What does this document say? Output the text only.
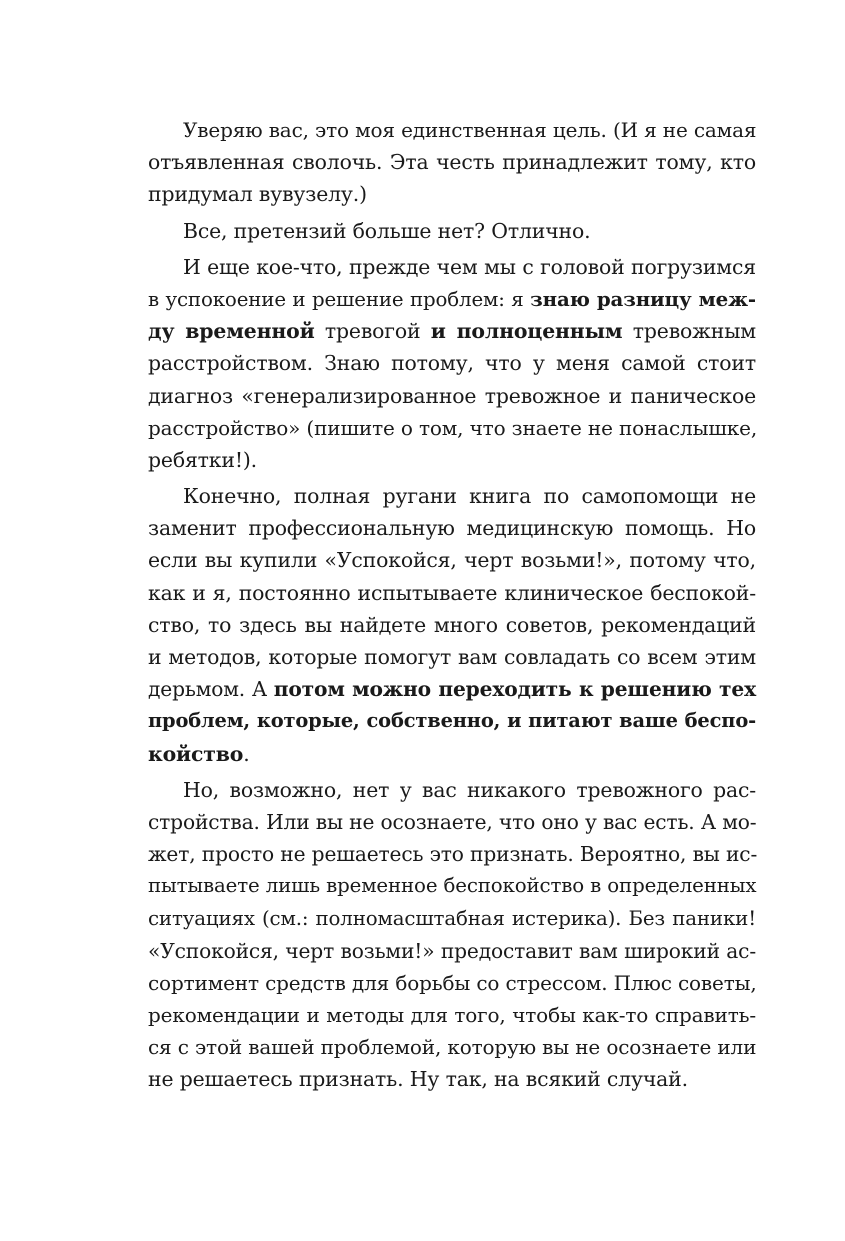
Уверяю вас, это моя единственная цель. (И я не самая
отъявленная сволочь. Эта честь принадлежит тому, кто
придумал вувузелу.)
Все, претензий больше нет? Отлично.
И еще кое-что, прежде чем мы с головой погрузимся
в успокоение и решение проблем: я знаю разницу меж-
ду временной тревогой и полноценным тревожным
расстройством. Знаю потому, что у меня самой стоит
диагноз «генерализированное тревожное и паническое
расстройство» (пишите о том, что знаете не понаслышке,
ребятки!).
Конечно, полная ругани книга по самопомощи не
заменит профессиональную медицинскую помощь. Но
если вы купили «Успокойся, черт возьми!», потому что,
как и я, постоянно испытываете клиническое беспокой-
ство, то здесь вы найдете много советов, рекомендаций
и методов, которые помогут вам совладать со всем этим
дерьмом. А потом можно переходить к решению тех
проблем, которые, собственно, и питают ваше беспо-
койство.
Но, возможно, нет у вас никакого тревожного рас-
стройства. Или вы не осознаете, что оно у вас есть. А мо-
жет, просто не решаетесь это признать. Вероятно, вы ис-
пытываете лишь временное беспокойство в определенных
ситуациях (см.: полномасштабная истерика). Без паники!
«Успокойся, черт возьми!» предоставит вам широкий ас-
сортимент средств для борьбы со стрессом. Плюс советы,
рекомендации и методы для того, чтобы как-то справить-
ся с этой вашей проблемой, которую вы не осознаете или
не решаетесь признать. Ну так, на всякий случай.
